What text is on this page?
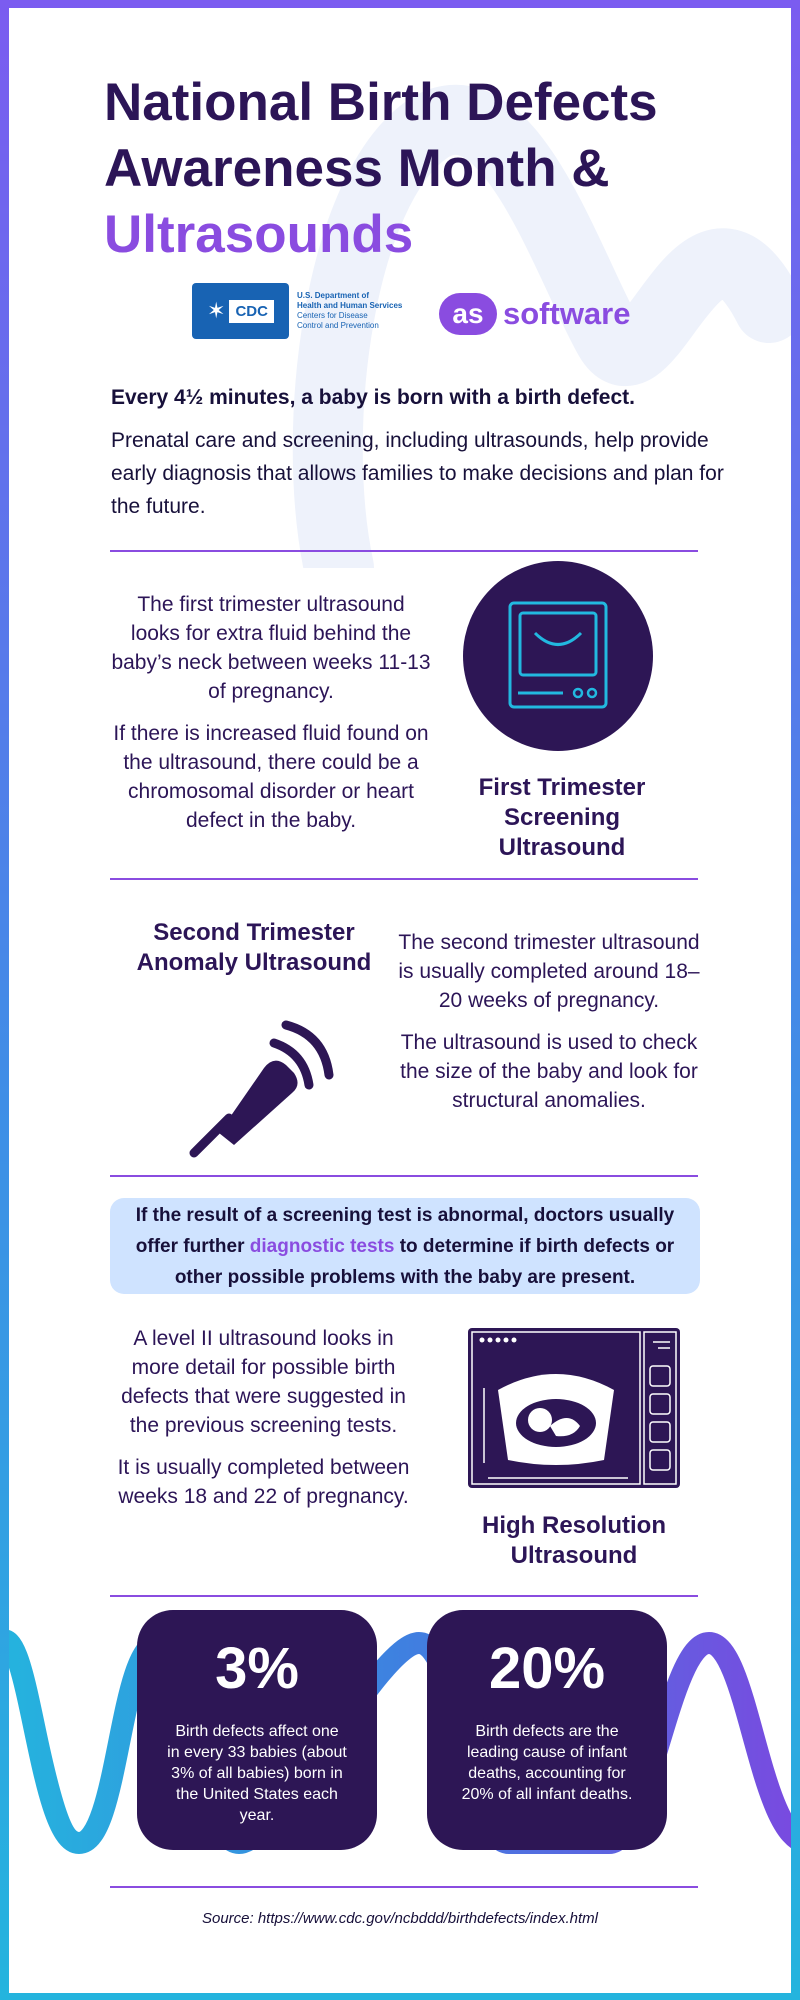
National Birth Defects
Awareness Month &
Ultrasounds
✶ CDC
U.S. Department of
Health and Human Services
Centers for Disease
Control and Prevention	as software

Every 4½ minutes, a baby is born with a birth defect.

Prenatal care and screening, including ultrasounds, help provide early diagnosis that allows families to make decisions and plan for the future.

The first trimester ultrasound looks for extra fluid behind the baby’s neck between weeks 11-13 of pregnancy.

If there is increased fluid found on the ultrasound, there could be a chromosomal disorder or heart defect in the baby.

First Trimester Screening Ultrasound
Second Trimester Anomaly Ultrasound

The second trimester ultrasound is usually completed around 18–20 weeks of pregnancy.

The ultrasound is used to check the size of the baby and look for structural anomalies.

If the result of a screening test is abnormal, doctors usually offer further diagnostic tests to determine if birth defects or other possible problems with the baby are present.

A level II ultrasound looks in more detail for possible birth defects that were suggested in the previous screening tests.

It is usually completed between weeks 18 and 22 of pregnancy.

High Resolution Ultrasound
3%
Birth defects affect one in every 33 babies (about 3% of all babies) born in the United States each year.
20%
Birth defects are the leading cause of infant deaths, accounting for 20% of all infant deaths.
Source: https://www.cdc.gov/ncbddd/birthdefects/index.html
